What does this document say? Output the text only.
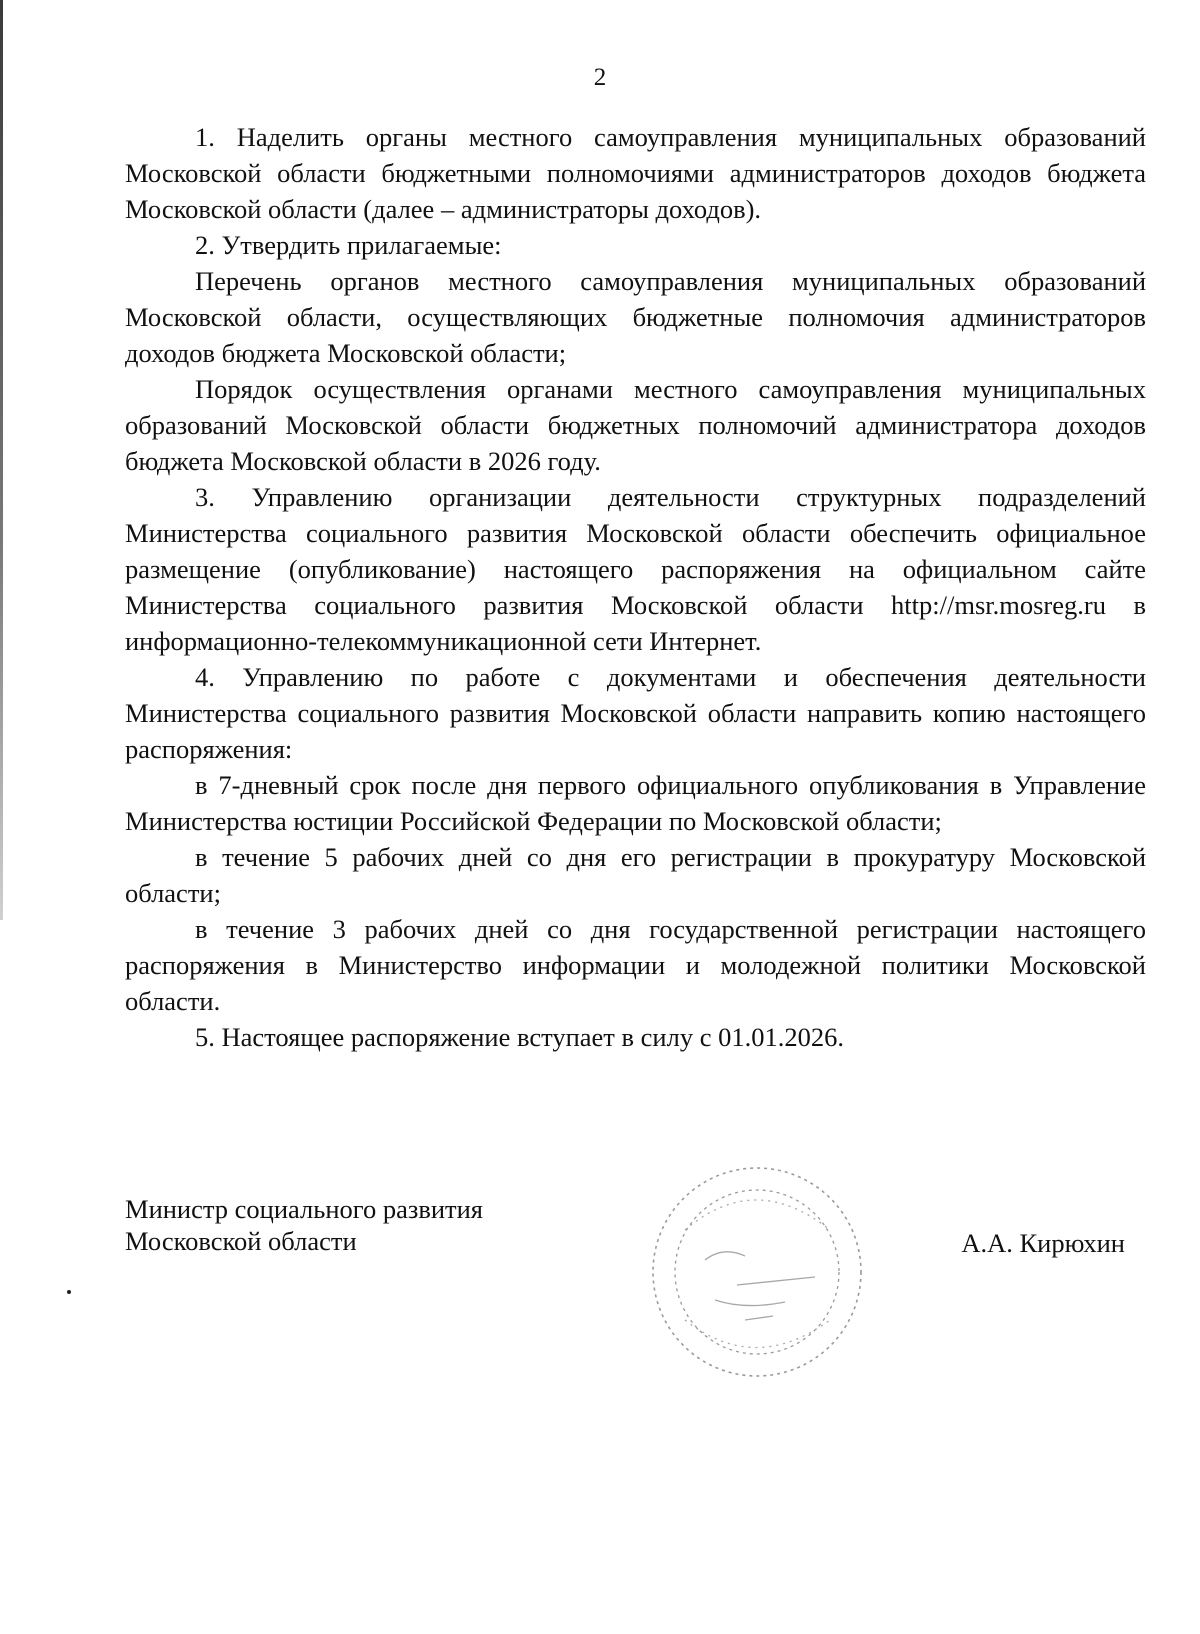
2

1. Наделить органы местного самоуправления муниципальных образований Московской области бюджетными полномочиями администраторов доходов бюджета Московской области (далее – администраторы доходов).

2. Утвердить прилагаемые:

Перечень органов местного самоуправления муниципальных образований Московской области, осуществляющих бюджетные полномочия администраторов доходов бюджета Московской области;

Порядок осуществления органами местного самоуправления муниципальных образований Московской области бюджетных полномочий администратора доходов бюджета Московской области в 2026 году.

3. Управлению организации деятельности структурных подразделений Министерства социального развития Московской области обеспечить официальное размещение (опубликование) настоящего распоряжения на официальном сайте Министерства социального развития Московской области http://msr.mosreg.ru в информационно-телекоммуникационной сети Интернет.

4. Управлению по работе с документами и обеспечения деятельности Министерства социального развития Московской области направить копию настоящего распоряжения:

в 7-дневный срок после дня первого официального опубликования в Управление Министерства юстиции Российской Федерации по Московской области;

в течение 5 рабочих дней со дня его регистрации в прокуратуру Московской области;

в течение 3 рабочих дней со дня государственной регистрации настоящего распоряжения в Министерство информации и молодежной политики Московской области.

5. Настоящее распоряжение вступает в силу с 01.01.2026.

Министр социального развития
Московской области	А.А. Кирюхин
